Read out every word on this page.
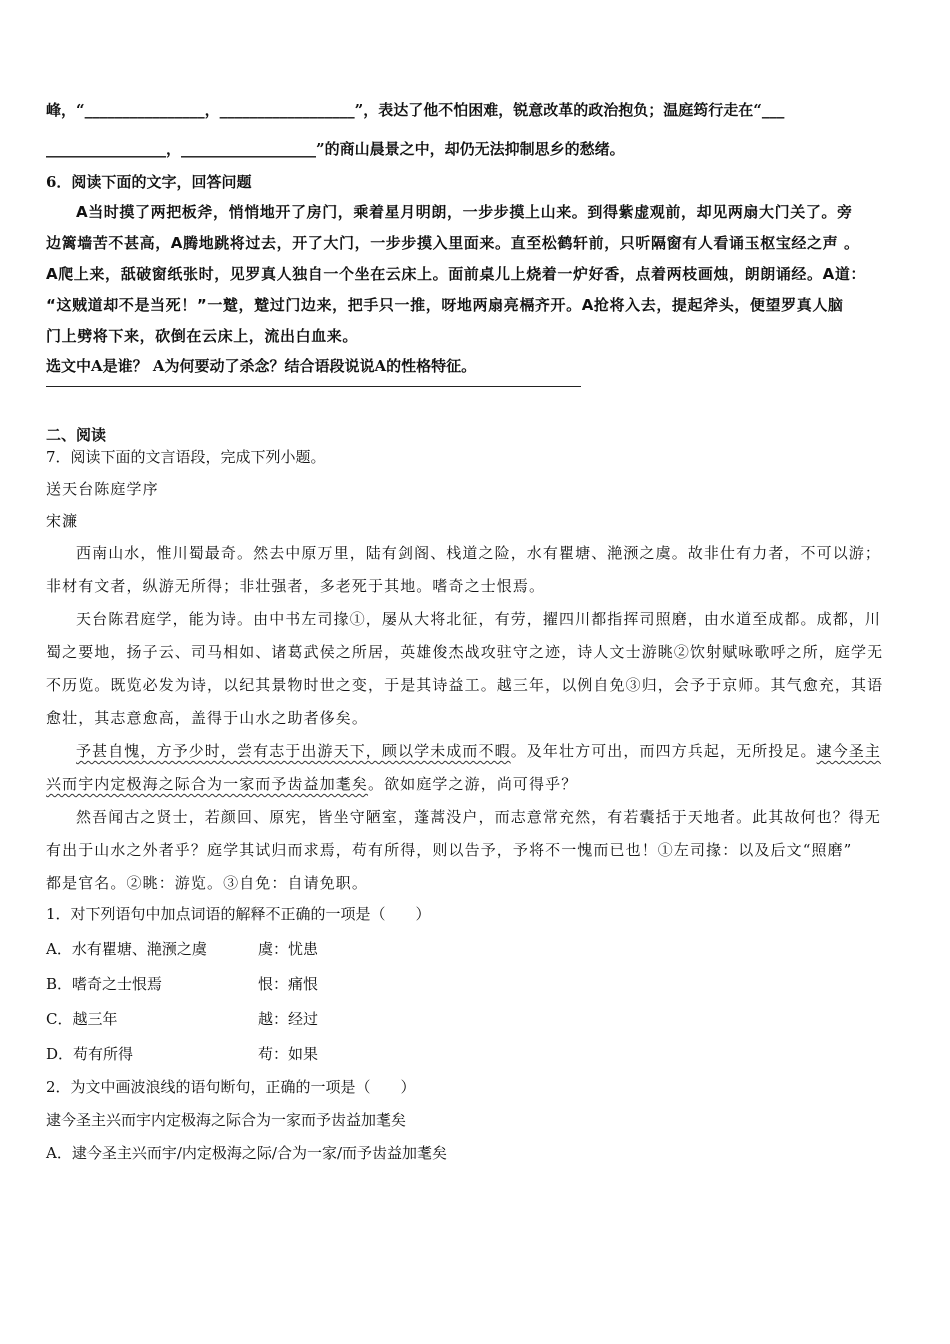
峰，“________________，__________________”，表达了他不怕困难，锐意改革的政治抱负；温庭筠行走在“___
________________，__________________”的商山晨景之中，却仍无法抑制思乡的愁绪。
6．阅读下面的文字，回答问题
A当时摸了两把板斧，悄悄地开了房门，乘着星月明朗，一步步摸上山来。到得紫虚观前，却见两扇大门关了。旁
边篱墙苦不甚高，A腾地跳将过去，开了大门，一步步摸入里面来。直至松鹤轩前，只听隔窗有人看诵玉枢宝经之声 。
A爬上来，舐破窗纸张时，见罗真人独自一个坐在云床上。面前桌儿上烧着一炉好香，点着两枝画烛，朗朗诵经。A道：
“这贼道却不是当死！”一蹵，蹵过门边来，把手只一推，呀地两扇亮槅齐开。A抢将入去，提起斧头，便望罗真人脑
门上劈将下来，砍倒在云床上，流出白血来。
选文中A是谁？ A为何要动了杀念？结合语段说说A的性格特征。
二、阅读
7．阅读下面的文言语段，完成下列小题。
送天台陈庭学序
宋濂
西南山水，惟川蜀最奇。然去中原万里，陆有剑阁、栈道之险，水有瞿塘、滟滪之虞。故非仕有力者，不可以游；
非材有文者，纵游无所得；非壮强者，多老死于其地。嗜奇之士恨焉。
天台陈君庭学，能为诗。由中书左司掾①，屡从大将北征，有劳，擢四川都指挥司照磨，由水道至成都。成都，川
蜀之要地，扬子云、司马相如、诸葛武侯之所居，英雄俊杰战攻驻守之迹，诗人文士游眺②饮射赋咏歌呼之所，庭学无
不历览。既览必发为诗，以纪其景物时世之变，于是其诗益工。越三年，以例自免③归，会予于京师。其气愈充，其语
愈壮，其志意愈高，盖得于山水之助者侈矣。
予甚自愧，方予少时，尝有志于出游天下，顾以学未成而不暇。及年壮方可出，而四方兵起，无所投足。逮今圣主
兴而宇内定极海之际合为一家而予齿益加耄矣。欲如庭学之游，尚可得乎？
然吾闻古之贤士，若颜回、原宪，皆坐守陋室，蓬蒿没户，而志意常充然，有若囊括于天地者。此其故何也？得无
有出于山水之外者乎？庭学其试归而求焉，苟有所得，则以告予，予将不一愧而已也！①左司掾：以及后文“照磨”
都是官名。②眺：游览。③自免：自请免职。
1．对下列语句中加点词语的解释不正确的一项是（　　）
A．水有瞿塘、滟滪之虞	虞：忧患
B．嗜奇之士恨焉	恨：痛恨
C．越三年	越：经过
D．苟有所得	苟：如果
2．为文中画波浪线的语句断句，正确的一项是（　　）
逮今圣主兴而宇内定极海之际合为一家而予齿益加耄矣
A．逮今圣主兴而宇/内定极海之际/合为一家/而予齿益加耄矣
